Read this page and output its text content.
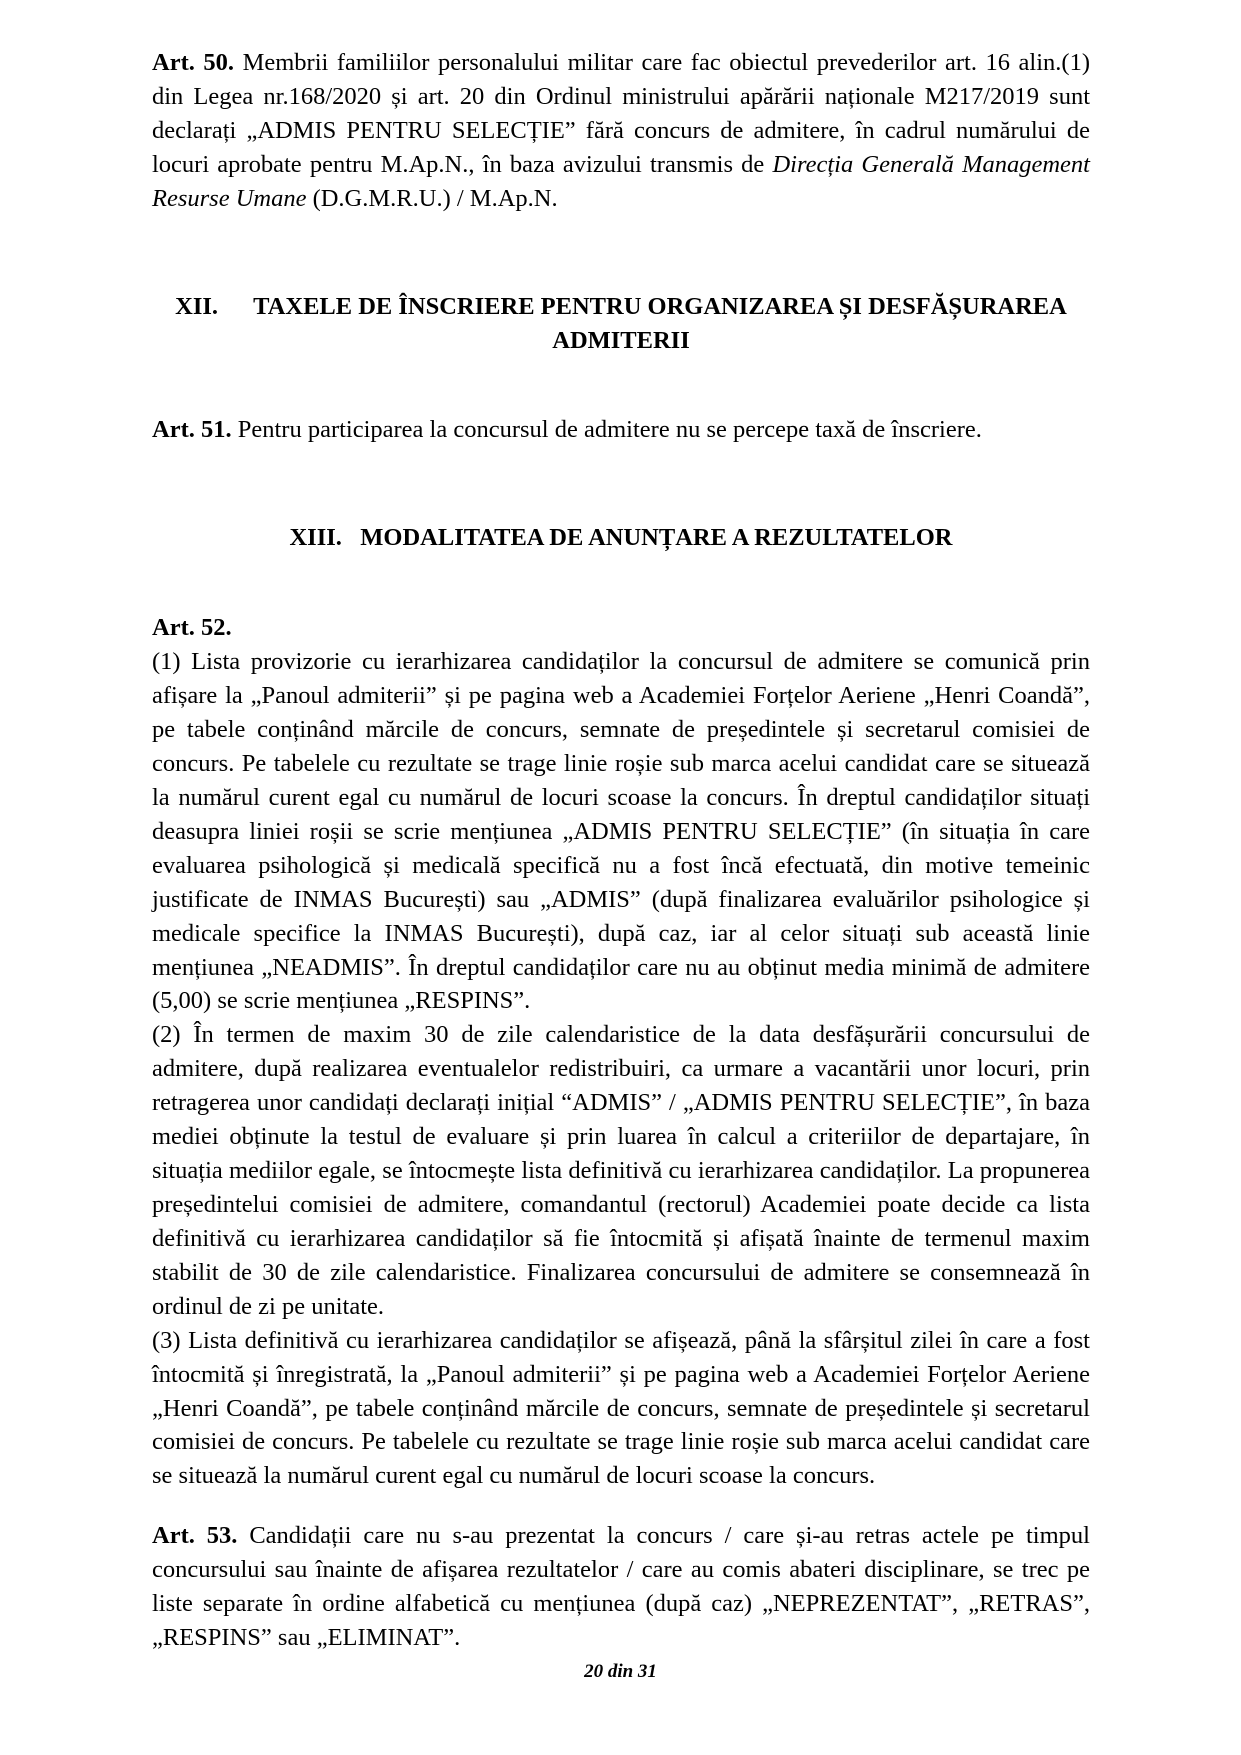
Art. 50. Membrii familiilor personalului militar care fac obiectul prevederilor art. 16 alin.(1) din Legea nr.168/2020 și art. 20 din Ordinul ministrului apărării naționale M217/2019 sunt declarați „ADMIS PENTRU SELECȚIE” fără concurs de admitere, în cadrul numărului de locuri aprobate pentru M.Ap.N., în baza avizului transmis de Direcția Generală Management Resurse Umane (D.G.M.R.U.) / M.Ap.N.

XII. TAXELE DE ÎNSCRIERE PENTRU ORGANIZAREA ȘI DESFĂȘURAREA ADMITERII

Art. 51. Pentru participarea la concursul de admitere nu se percepe taxă de înscriere.

XIII. MODALITATEA DE ANUNȚARE A REZULTATELOR

Art. 52.

(1) Lista provizorie cu ierarhizarea candidaților la concursul de admitere se comunică prin afișare la „Panoul admiterii” și pe pagina web a Academiei Forțelor Aeriene „Henri Coandă”, pe tabele conținând mărcile de concurs, semnate de președintele și secretarul comisiei de concurs. Pe tabelele cu rezultate se trage linie roșie sub marca acelui candidat care se situează la numărul curent egal cu numărul de locuri scoase la concurs. În dreptul candidaților situați deasupra liniei roșii se scrie mențiunea „ADMIS PENTRU SELECȚIE” (în situația în care evaluarea psihologică și medicală specifică nu a fost încă efectuată, din motive temeinic justificate de INMAS București) sau „ADMIS” (după finalizarea evaluărilor psihologice și medicale specifice la INMAS București), după caz, iar al celor situați sub această linie mențiunea „NEADMIS”. În dreptul candidaților care nu au obținut media minimă de admitere (5,00) se scrie mențiunea „RESPINS”.

(2) În termen de maxim 30 de zile calendaristice de la data desfășurării concursului de admitere, după realizarea eventualelor redistribuiri, ca urmare a vacantării unor locuri, prin retragerea unor candidați declarați inițial “ADMIS” / „ADMIS PENTRU SELECȚIE”, în baza mediei obținute la testul de evaluare și prin luarea în calcul a criteriilor de departajare, în situația mediilor egale, se întocmește lista definitivă cu ierarhizarea candidaților. La propunerea președintelui comisiei de admitere, comandantul (rectorul) Academiei poate decide ca lista definitivă cu ierarhizarea candidaților să fie întocmită și afișată înainte de termenul maxim stabilit de 30 de zile calendaristice. Finalizarea concursului de admitere se consemnează în ordinul de zi pe unitate.

(3) Lista definitivă cu ierarhizarea candidaților se afișează, până la sfârșitul zilei în care a fost întocmită și înregistrată, la „Panoul admiterii” și pe pagina web a Academiei Forțelor Aeriene „Henri Coandă”, pe tabele conținând mărcile de concurs, semnate de președintele și secretarul comisiei de concurs. Pe tabelele cu rezultate se trage linie roșie sub marca acelui candidat care se situează la numărul curent egal cu numărul de locuri scoase la concurs.

Art. 53. Candidații care nu s-au prezentat la concurs / care și-au retras actele pe timpul concursului sau înainte de afișarea rezultatelor / care au comis abateri disciplinare, se trec pe liste separate în ordine alfabetică cu mențiunea (după caz) „NEPREZENTAT”, „RETRAS”, „RESPINS” sau „ELIMINAT”.

20 din 31
